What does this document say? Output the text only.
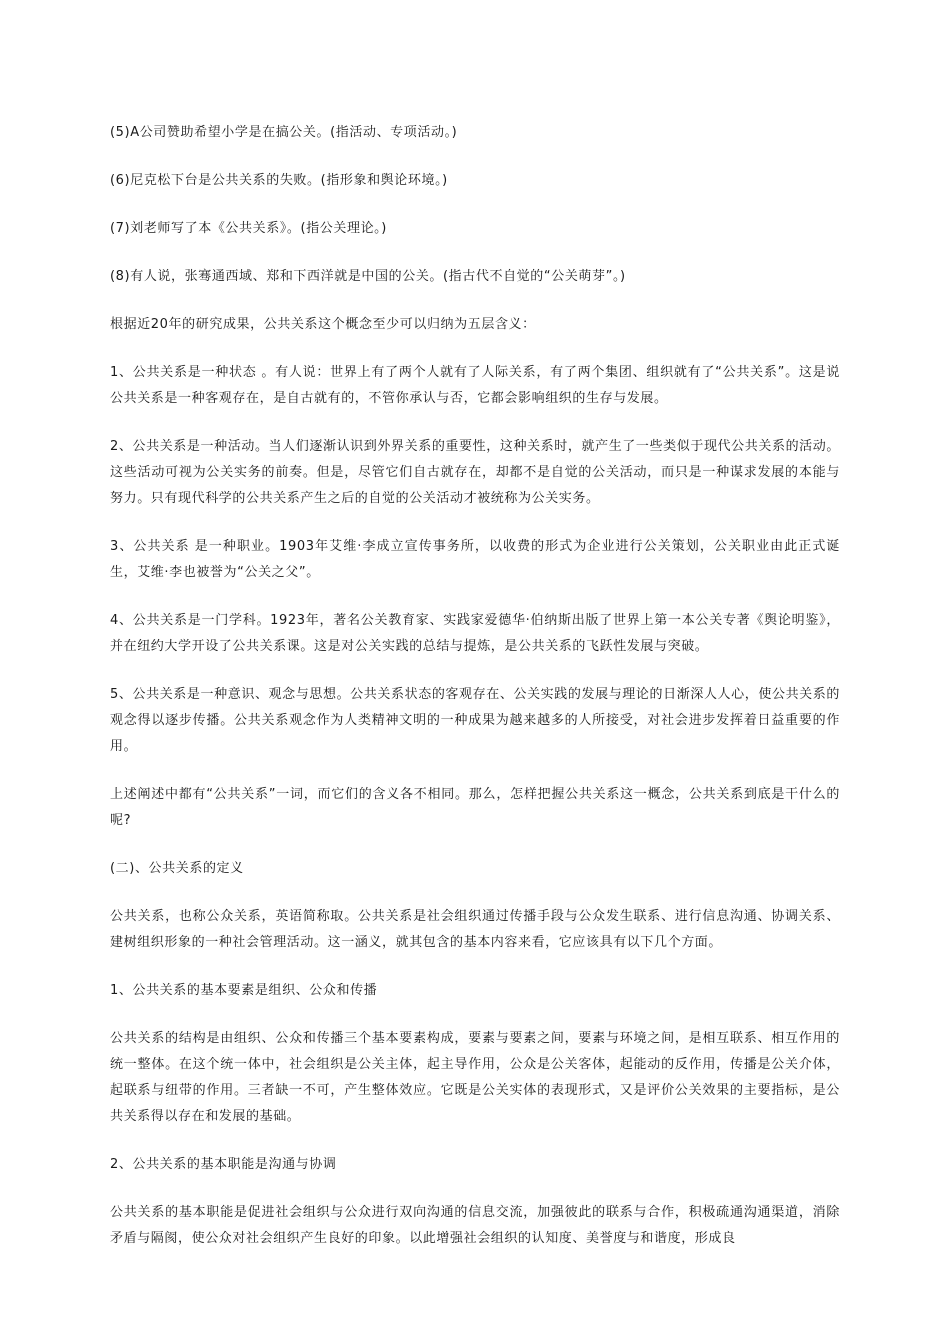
(5)A公司赞助希望小学是在搞公关。(指活动、专项活动。)

(6)尼克松下台是公共关系的失败。(指形象和舆论环境。)

(7)刘老师写了本《公共关系》。(指公关理论。)

(8)有人说，张骞通西域、郑和下西洋就是中国的公关。(指古代不自觉的“公关萌芽”。)

根据近20年的研究成果，公共关系这个概念至少可以归纳为五层含义：

1、公共关系是一种状态 。有人说：世界上有了两个人就有了人际关系，有了两个集团、组织就有了“公共关系”。这是说公共关系是一种客观存在，是自古就有的，不管你承认与否，它都会影响组织的生存与发展。

2、公共关系是一种活动。当人们逐渐认识到外界关系的重要性，这种关系时，就产生了一些类似于现代公共关系的活动。这些活动可视为公关实务的前奏。但是，尽管它们自古就存在，却都不是自觉的公关活动，而只是一种谋求发展的本能与努力。只有现代科学的公共关系产生之后的自觉的公关活动才被统称为公关实务。

3、公共关系 是一种职业。1903年艾维·李成立宣传事务所，以收费的形式为企业进行公关策划，公关职业由此正式诞生，艾维·李也被誉为“公关之父”。

4、公共关系是一门学科。1923年，著名公关教育家、实践家爱德华·伯纳斯出版了世界上第一本公关专著《舆论明鉴》，并在纽约大学开设了公共关系课。这是对公关实践的总结与提炼，是公共关系的飞跃性发展与突破。

5、公共关系是一种意识、观念与思想。公共关系状态的客观存在、公关实践的发展与理论的日渐深人人心，使公共关系的观念得以逐步传播。公共关系观念作为人类精神文明的一种成果为越来越多的人所接受，对社会进步发挥着日益重要的作用。

上述阐述中都有“公共关系”一词，而它们的含义各不相同。那么，怎样把握公共关系这一概念，公共关系到底是干什么的呢?

(二)、公共关系的定义

公共关系，也称公众关系，英语简称取。公共关系是社会组织通过传播手段与公众发生联系、进行信息沟通、协调关系、建树组织形象的一种社会管理活动。这一涵义，就其包含的基本内容来看，它应该具有以下几个方面。

1、公共关系的基本要素是组织、公众和传播

公共关系的结构是由组织、公众和传播三个基本要素构成，要素与要素之间，要素与环境之间，是相互联系、相互作用的统一整体。在这个统一体中，社会组织是公关主体，起主导作用，公众是公关客体，起能动的反作用，传播是公关介体，起联系与纽带的作用。三者缺一不可，产生整体效应。它既是公关实体的表现形式，又是评价公关效果的主要指标，是公共关系得以存在和发展的基础。

2、公共关系的基本职能是沟通与协调

公共关系的基本职能是促进社会组织与公众进行双向沟通的信息交流，加强彼此的联系与合作，积极疏通沟通渠道，消除矛盾与隔阂，使公众对社会组织产生良好的印象。以此增强社会组织的认知度、美誉度与和谐度，形成良
